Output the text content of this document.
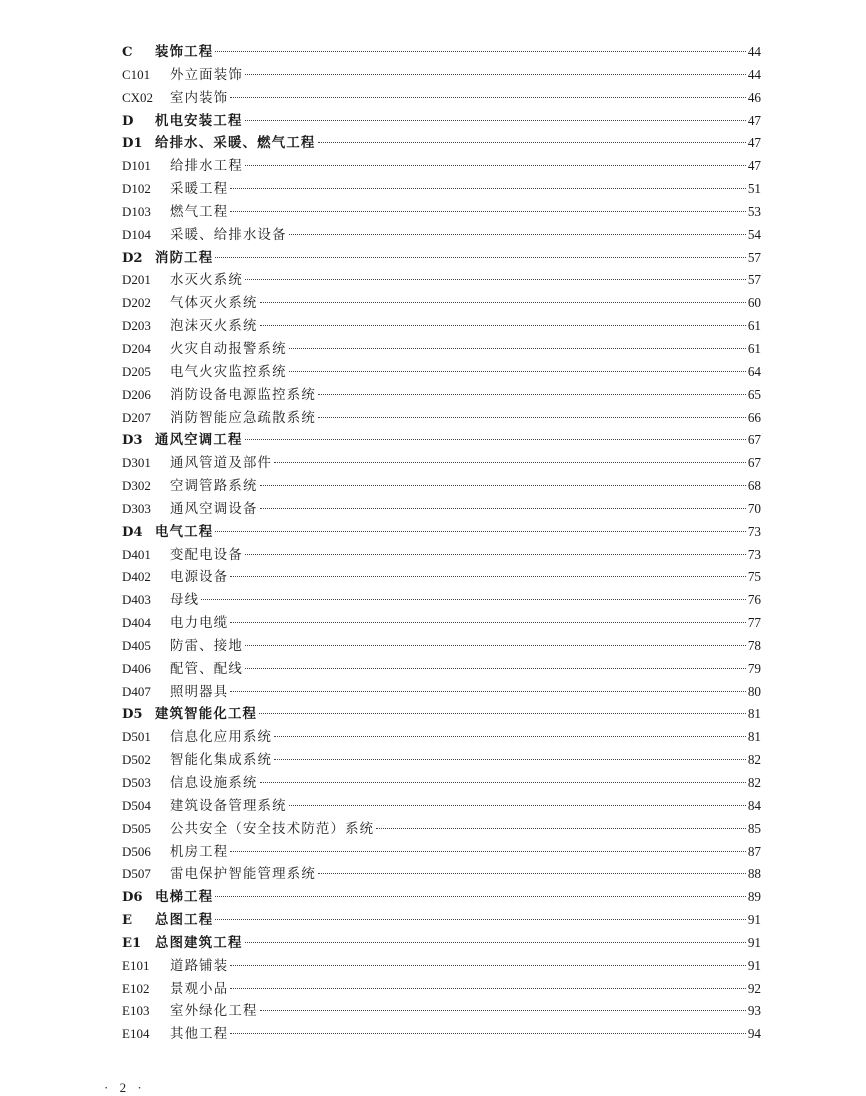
C	装饰工程	44
C101	外立面装饰	44
CX02	室内装饰	46
D	机电安装工程	47
D1 给排水、采暖、燃气工程	47
D101	给排水工程	47
D102	采暖工程	51
D103	燃气工程	53
D104	采暖、给排水设备	54
D2 消防工程	57
D201	水灭火系统	57
D202	气体灭火系统	60
D203	泡沫灭火系统	61
D204	火灾自动报警系统	61
D205	电气火灾监控系统	64
D206	消防设备电源监控系统	65
D207	消防智能应急疏散系统	66
D3 通风空调工程	67
D301	通风管道及部件	67
D302	空调管路系统	68
D303	通风空调设备	70
D4 电气工程	73
D401	变配电设备	73
D402	电源设备	75
D403	母线	76
D404	电力电缆	77
D405	防雷、接地	78
D406	配管、配线	79
D407	照明器具	80
D5 建筑智能化工程	81
D501	信息化应用系统	81
D502	智能化集成系统	82
D503	信息设施系统	82
D504	建筑设备管理系统	84
D505	公共安全（安全技术防范）系统	85
D506	机房工程	87
D507	雷电保护智能管理系统	88
D6 电梯工程	89
E	总图工程	91
E1	总图建筑工程	91
E101	道路铺装	91
E102	景观小品	92
E103	室外绿化工程	93
E104	其他工程	94
· 2 ·
